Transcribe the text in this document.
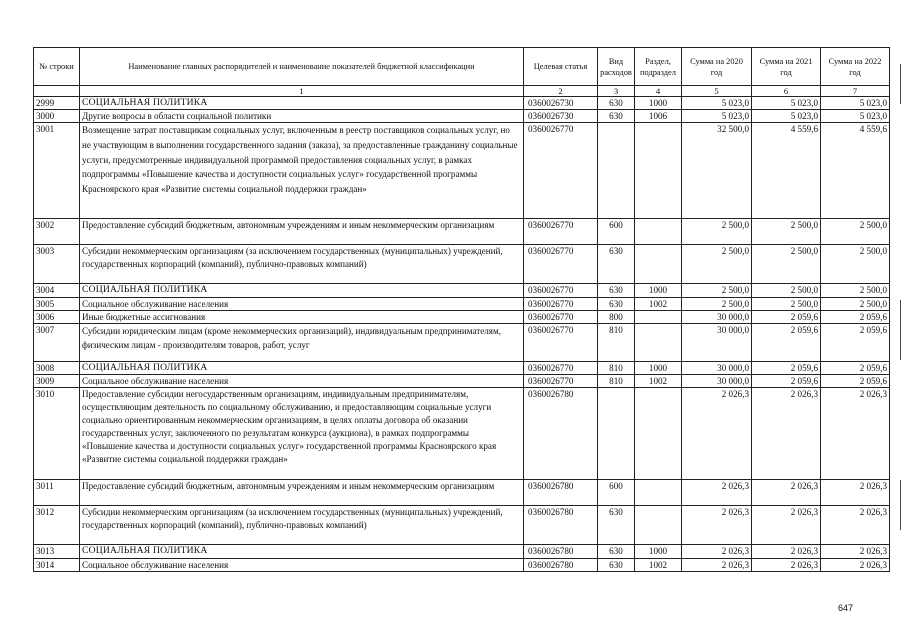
№ строки	Наименование главных распорядителей и наименование показателей бюджетной классификации	Целевая статья	Вид расходов	Раздел, подраздел	Сумма на 2020 год	Сумма на 2021 год	Сумма на 2022 год
	1	2	3	4	5	6	7
2999	СОЦИАЛЬНАЯ ПОЛИТИКА	0360026730	630	1000	5 023,0	5 023,0	5 023,0
3000	Другие вопросы в области социальной политики	0360026730	630	1006	5 023,0	5 023,0	5 023,0
3001	Возмещение затрат поставщикам социальных услуг, включенным в реестр поставщиков социальных услуг, но не участвующим в выполнении государственного задания (заказа), за предоставленные гражданину социальные услуги, предусмотренные индивидуальной программой предоставления социальных услуг, в рамках подпрограммы «Повышение качества и доступности социальных услуг» государственной программы Красноярского края «Развитие системы социальной поддержки граждан»	0360026770			32 500,0	4 559,6	4 559,6
3002	Предоставление субсидий бюджетным, автономным учреждениям и иным некоммерческим организациям	0360026770	600		2 500,0	2 500,0	2 500,0
3003	Субсидии некоммерческим организациям (за исключением государственных (муниципальных) учреждений, государственных корпораций (компаний), публично-правовых компаний)	0360026770	630		2 500,0	2 500,0	2 500,0
3004	СОЦИАЛЬНАЯ ПОЛИТИКА	0360026770	630	1000	2 500,0	2 500,0	2 500,0
3005	Социальное обслуживание населения	0360026770	630	1002	2 500,0	2 500,0	2 500,0
3006	Иные бюджетные ассигнования	0360026770	800		30 000,0	2 059,6	2 059,6
3007	Субсидии юридическим лицам (кроме некоммерческих организаций), индивидуальным предпринимателям, физическим лицам - производителям товаров, работ, услуг	0360026770	810		30 000,0	2 059,6	2 059,6
3008	СОЦИАЛЬНАЯ ПОЛИТИКА	0360026770	810	1000	30 000,0	2 059,6	2 059,6
3009	Социальное обслуживание населения	0360026770	810	1002	30 000,0	2 059,6	2 059,6
3010	Предоставление субсидии негосударственным организациям, индивидуальным предпринимателям, осуществляющим деятельность по социальному обслуживанию, и предоставляющим социальные услуги социально ориентированным некоммерческим организациям, в целях оплаты договора об оказании государственных услуг, заключенного по результатам конкурса (аукциона), в рамках подпрограммы «Повышение качества и доступности социальных услуг» государственной программы Красноярского края «Развитие системы социальной поддержки граждан»	0360026780			2 026,3	2 026,3	2 026,3
3011	Предоставление субсидий бюджетным, автономным учреждениям и иным некоммерческим организациям	0360026780	600		2 026,3	2 026,3	2 026,3
3012	Субсидии некоммерческим организациям (за исключением государственных (муниципальных) учреждений, государственных корпораций (компаний), публично-правовых компаний)	0360026780	630		2 026,3	2 026,3	2 026,3
3013	СОЦИАЛЬНАЯ ПОЛИТИКА	0360026780	630	1000	2 026,3	2 026,3	2 026,3
3014	Социальное обслуживание населения	0360026780	630	1002	2 026,3	2 026,3	2 026,3
647
